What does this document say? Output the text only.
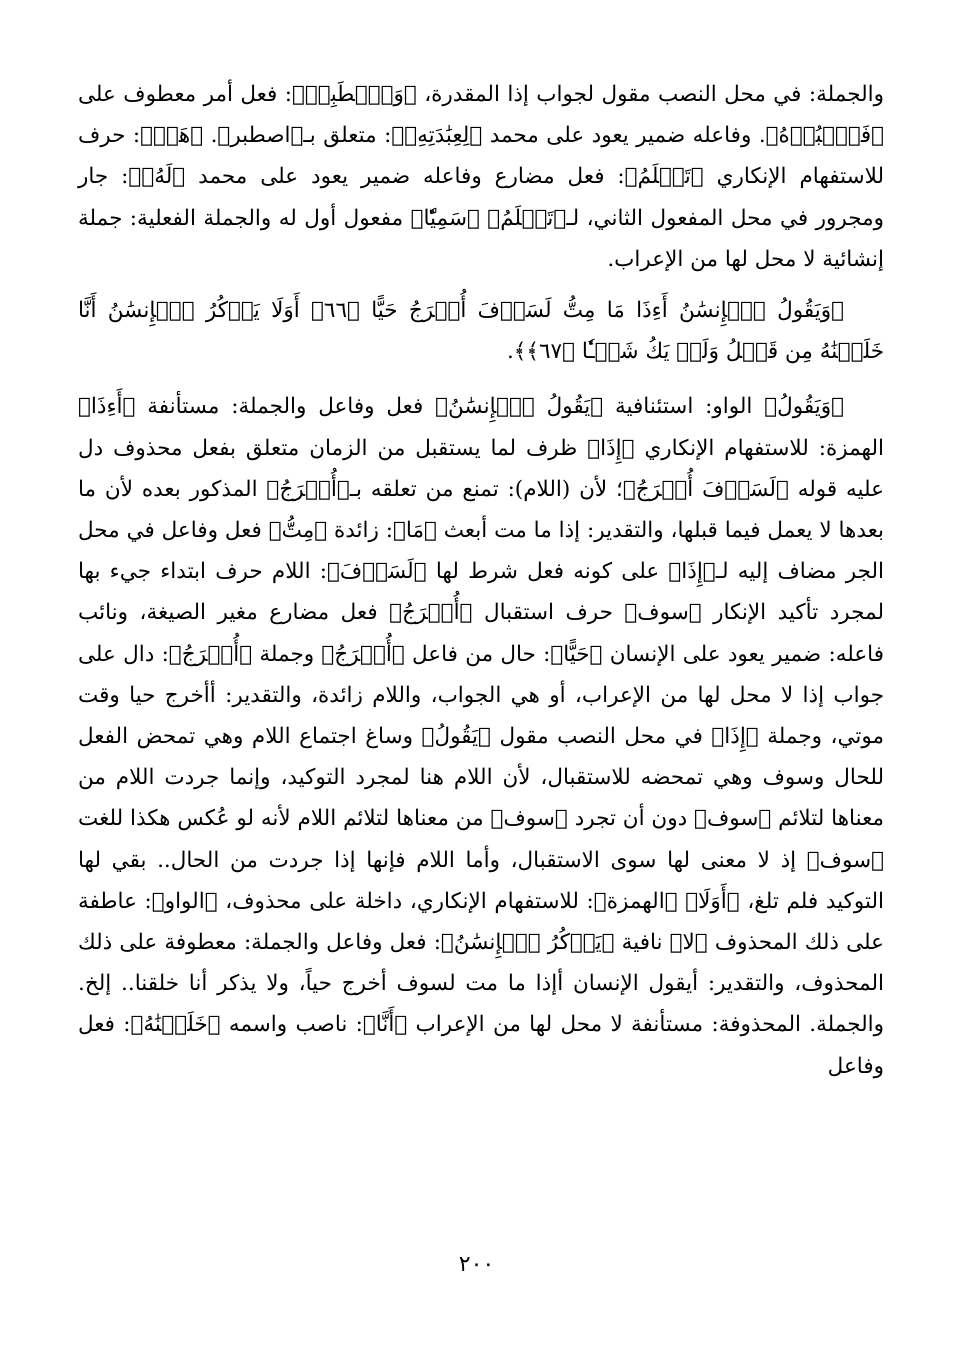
والجملة: في محل النصب مقول لجواب إذا المقدرة، ﴿وَٱصۡطَبِرۡ﴾: فعل أمر معطوف على ﴿فَٱعۡبُدۡهُ﴾. وفاعله ضمير يعود على محمد ﴿لِعِبَٰدَتِهِۦ﴾: متعلق بـ﴿اصطبر﴾. ﴿هَلۡ﴾: حرف للاستفهام الإنكاري ﴿تَعۡلَمُ﴾: فعل مضارع وفاعله ضمير يعود على محمد ﴿لَهُۥ﴾: جار ومجرور في محل المفعول الثاني، لـ﴿تَعۡلَمُ﴾ ﴿سَمِيّٗا﴾ مفعول أول له والجملة الفعلية: جملة إنشائية لا محل لها من الإعراب.

﴿وَيَقُولُ ٱلۡإِنسَٰنُ أَءِذَا مَا مِتُّ لَسَوۡفَ أُخۡرَجُ حَيًّا ﴿٦٦﴾ أَوَلَا يَذۡكُرُ ٱلۡإِنسَٰنُ أَنَّا خَلَقۡنَٰهُ مِن قَبۡلُ وَلَمۡ يَكُ شَيۡـٔٗا ﴿٦٧﴾﴾.

﴿وَيَقُولُ﴾ الواو: استئنافية ﴿يَقُولُ ٱلۡإِنسَٰنُ﴾ فعل وفاعل والجملة: مستأنفة ﴿أَءِذَا﴾ الهمزة: للاستفهام الإنكاري ﴿إِذَا﴾ ظرف لما يستقبل من الزمان متعلق بفعل محذوف دل عليه قوله ﴿لَسَوۡفَ أُخۡرَجُ﴾؛ لأن (اللام): تمنع من تعلقه بـ﴿أُخۡرَجُ﴾ المذكور بعده لأن ما بعدها لا يعمل فيما قبلها، والتقدير: إذا ما مت أبعث ﴿مَا﴾: زائدة ﴿مِتُّ﴾ فعل وفاعل في محل الجر مضاف إليه لـ﴿إِذَا﴾ على كونه فعل شرط لها ﴿لَسَوۡفَ﴾: اللام حرف ابتداء جيء بها لمجرد تأكيد الإنكار ﴿سوف﴾ حرف استقبال ﴿أُخۡرَجُ﴾ فعل مضارع مغير الصيغة، ونائب فاعله: ضمير يعود على الإنسان ﴿حَيًّا﴾: حال من فاعل ﴿أُخۡرَجُ﴾ وجملة ﴿أُخۡرَجُ﴾: دال على جواب إذا لا محل لها من الإعراب، أو هي الجواب، واللام زائدة، والتقدير: أأخرج حيا وقت موتي، وجملة ﴿إِذَا﴾ في محل النصب مقول ﴿يَقُولُ﴾ وساغ اجتماع اللام وهي تمحض الفعل للحال وسوف وهي تمحضه للاستقبال، لأن اللام هنا لمجرد التوكيد، وإنما جردت اللام من معناها لتلائم ﴿سوف﴾ دون أن تجرد ﴿سوف﴾ من معناها لتلائم اللام لأنه لو عُكس هكذا للغت ﴿سوف﴾ إذ لا معنى لها سوى الاستقبال، وأما اللام فإنها إذا جردت من الحال.. بقي لها التوكيد فلم تلغ، ﴿أَوَلَا﴾ ﴿الهمزة﴾: للاستفهام الإنكاري، داخلة على محذوف، ﴿الواو﴾: عاطفة على ذلك المحذوف ﴿لا﴾ نافية ﴿يَذۡكُرُ ٱلۡإِنسَٰنُ﴾: فعل وفاعل والجملة: معطوفة على ذلك المحذوف، والتقدير: أيقول الإنسان أإذا ما مت لسوف أخرج حياً، ولا يذكر أنا خلقنا.. إلخ. والجملة. المحذوفة: مستأنفة لا محل لها من الإعراب ﴿أَنَّا﴾: ناصب واسمه ﴿خَلَقۡنَٰهُ﴾: فعل وفاعل

٢٠٠
